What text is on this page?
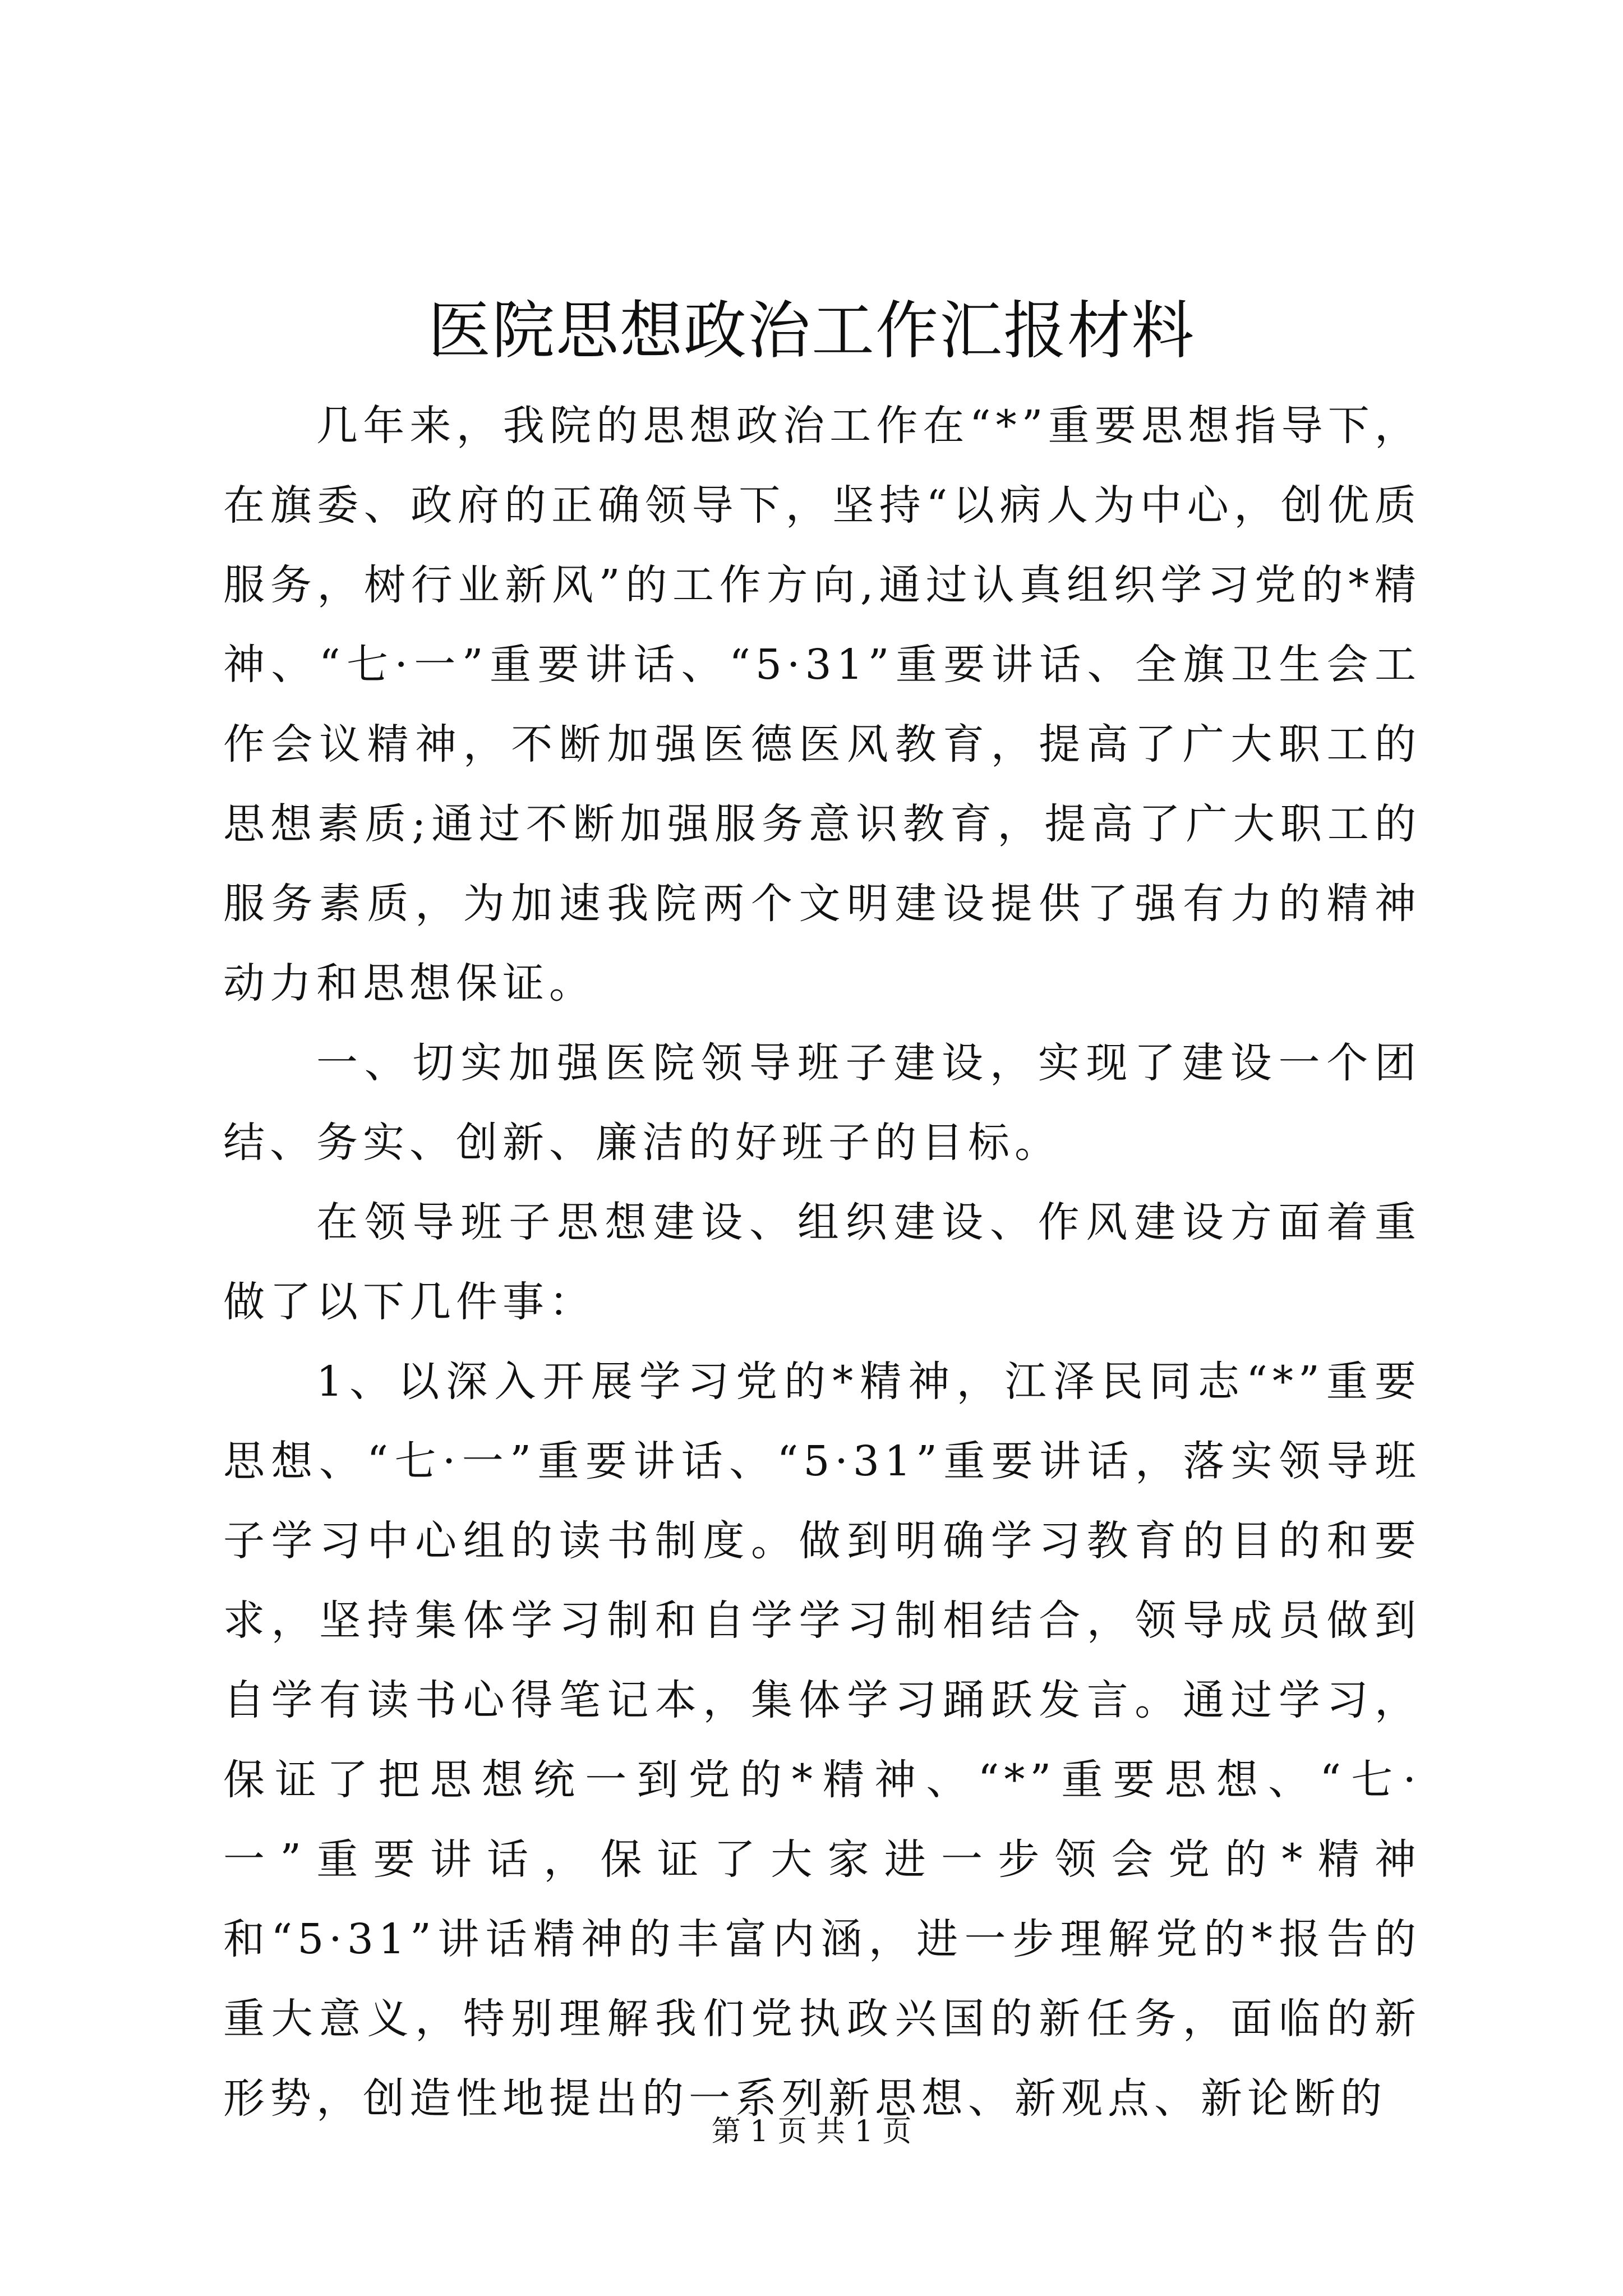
医院思想政治工作汇报材料

几年来，我院的思想政治工作在“*”重要思想指导下，在旗委、政府的正确领导下，坚持“以病人为中心，创优质服务，树行业新风”的工作方向,通过认真组织学习党的*精神、“七·一”重要讲话、“5·31”重要讲话、全旗卫生会工作会议精神，不断加强医德医风教育，提高了广大职工的思想素质;通过不断加强服务意识教育，提高了广大职工的服务素质，为加速我院两个文明建设提供了强有力的精神动力和思想保证。

一、切实加强医院领导班子建设，实现了建设一个团结、务实、创新、廉洁的好班子的目标。

在领导班子思想建设、组织建设、作风建设方面着重做了以下几件事：

1、以深入开展学习党的*精神，江泽民同志“*”重要思想、“七·一”重要讲话、“5·31”重要讲话，落实领导班子学习中心组的读书制度。做到明确学习教育的目的和要求，坚持集体学习制和自学学习制相结合，领导成员做到自学有读书心得笔记本，集体学习踊跃发言。通过学习，保证了把思想统一到党的*精神、“*”重要思想、“七·一”重要讲话，保证了大家进一步领会党的*精神和“5·31”讲话精神的丰富内涵，进一步理解党的*报告的重大意义，特别理解我们党执政兴国的新任务，面临的新形势，创造性地提出的一系列新思想、新观点、新论断的

第 1 页 共 1 页
